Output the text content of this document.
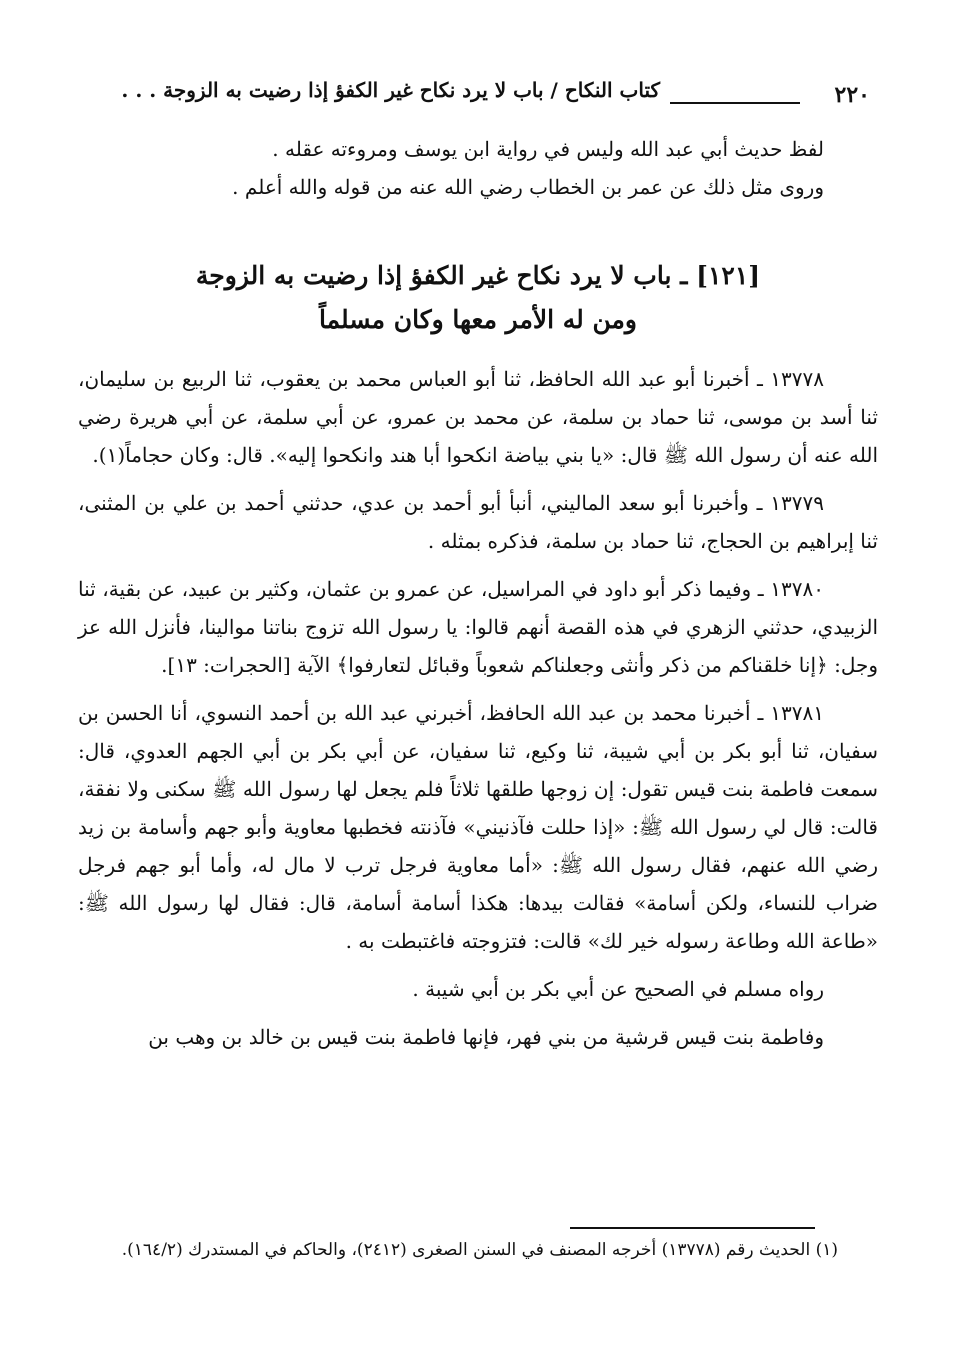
٢٢٠
كتاب النكاح / باب لا يرد نكاح غير الكفؤ إذا رضيت به الزوجة . . .

لفظ حديث أبي عبد الله وليس في رواية ابن يوسف ومروءته عقله .

وروى مثل ذلك عن عمر بن الخطاب رضي الله عنه من قوله والله أعلم .

[١٢١] ـ باب لا يرد نكاح غير الكفؤ إذا رضيت به الزوجة
ومن له الأمر معها وكان مسلماً

١٣٧٧٨ ـ أخبرنا أبو عبد الله الحافظ، ثنا أبو العباس محمد بن يعقوب، ثنا الربيع بن سليمان، ثنا أسد بن موسى، ثنا حماد بن سلمة، عن محمد بن عمرو، عن أبي سلمة، عن أبي هريرة رضي الله عنه أن رسول الله ﷺ قال: «يا بني بياضة انكحوا أبا هند وانكحوا إليه». قال: وكان حجاماً(١).

١٣٧٧٩ ـ وأخبرنا أبو سعد الماليني، أنبأ أبو أحمد بن عدي، حدثني أحمد بن علي بن المثنى، ثنا إبراهيم بن الحجاج، ثنا حماد بن سلمة، فذكره بمثله .

١٣٧٨٠ ـ وفيما ذكر أبو داود في المراسيل، عن عمرو بن عثمان، وكثير بن عبيد، عن بقية، ثنا الزبيدي، حدثني الزهري في هذه القصة أنهم قالوا: يا رسول الله تزوج بناتنا موالينا، فأنزل الله عز وجل: ﴿إنا خلقناكم من ذكر وأنثى وجعلناكم شعوباً وقبائل لتعارفوا﴾ الآية [الحجرات: ١٣].

١٣٧٨١ ـ أخبرنا محمد بن عبد الله الحافظ، أخبرني عبد الله بن أحمد النسوي، أنا الحسن بن سفيان، ثنا أبو بكر بن أبي شيبة، ثنا وكيع، ثنا سفيان، عن أبي بكر بن أبي الجهم العدوي، قال: سمعت فاطمة بنت قيس تقول: إن زوجها طلقها ثلاثاً فلم يجعل لها رسول الله ﷺ سكنى ولا نفقة، قالت: قال لي رسول الله ﷺ: «إذا حللت فآذنيني» فآذنته فخطبها معاوية وأبو جهم وأسامة بن زيد رضي الله عنهم، فقال رسول الله ﷺ: «أما معاوية فرجل ترب لا مال له، وأما أبو جهم فرجل ضراب للنساء، ولكن أسامة» فقالت بيدها: هكذا أسامة أسامة، قال: فقال لها رسول الله ﷺ: «طاعة الله وطاعة رسوله خير لك» قالت: فتزوجته فاغتبطت به .

رواه مسلم في الصحيح عن أبي بكر بن أبي شيبة .

وفاطمة بنت قيس قرشية من بني فهر، فإنها فاطمة بنت قيس بن خالد بن وهب بن

(١) الحديث رقم (١٣٧٧٨) أخرجه المصنف في السنن الصغرى (٢٤١٢)، والحاكم في المستدرك (١٦٤/٢).
